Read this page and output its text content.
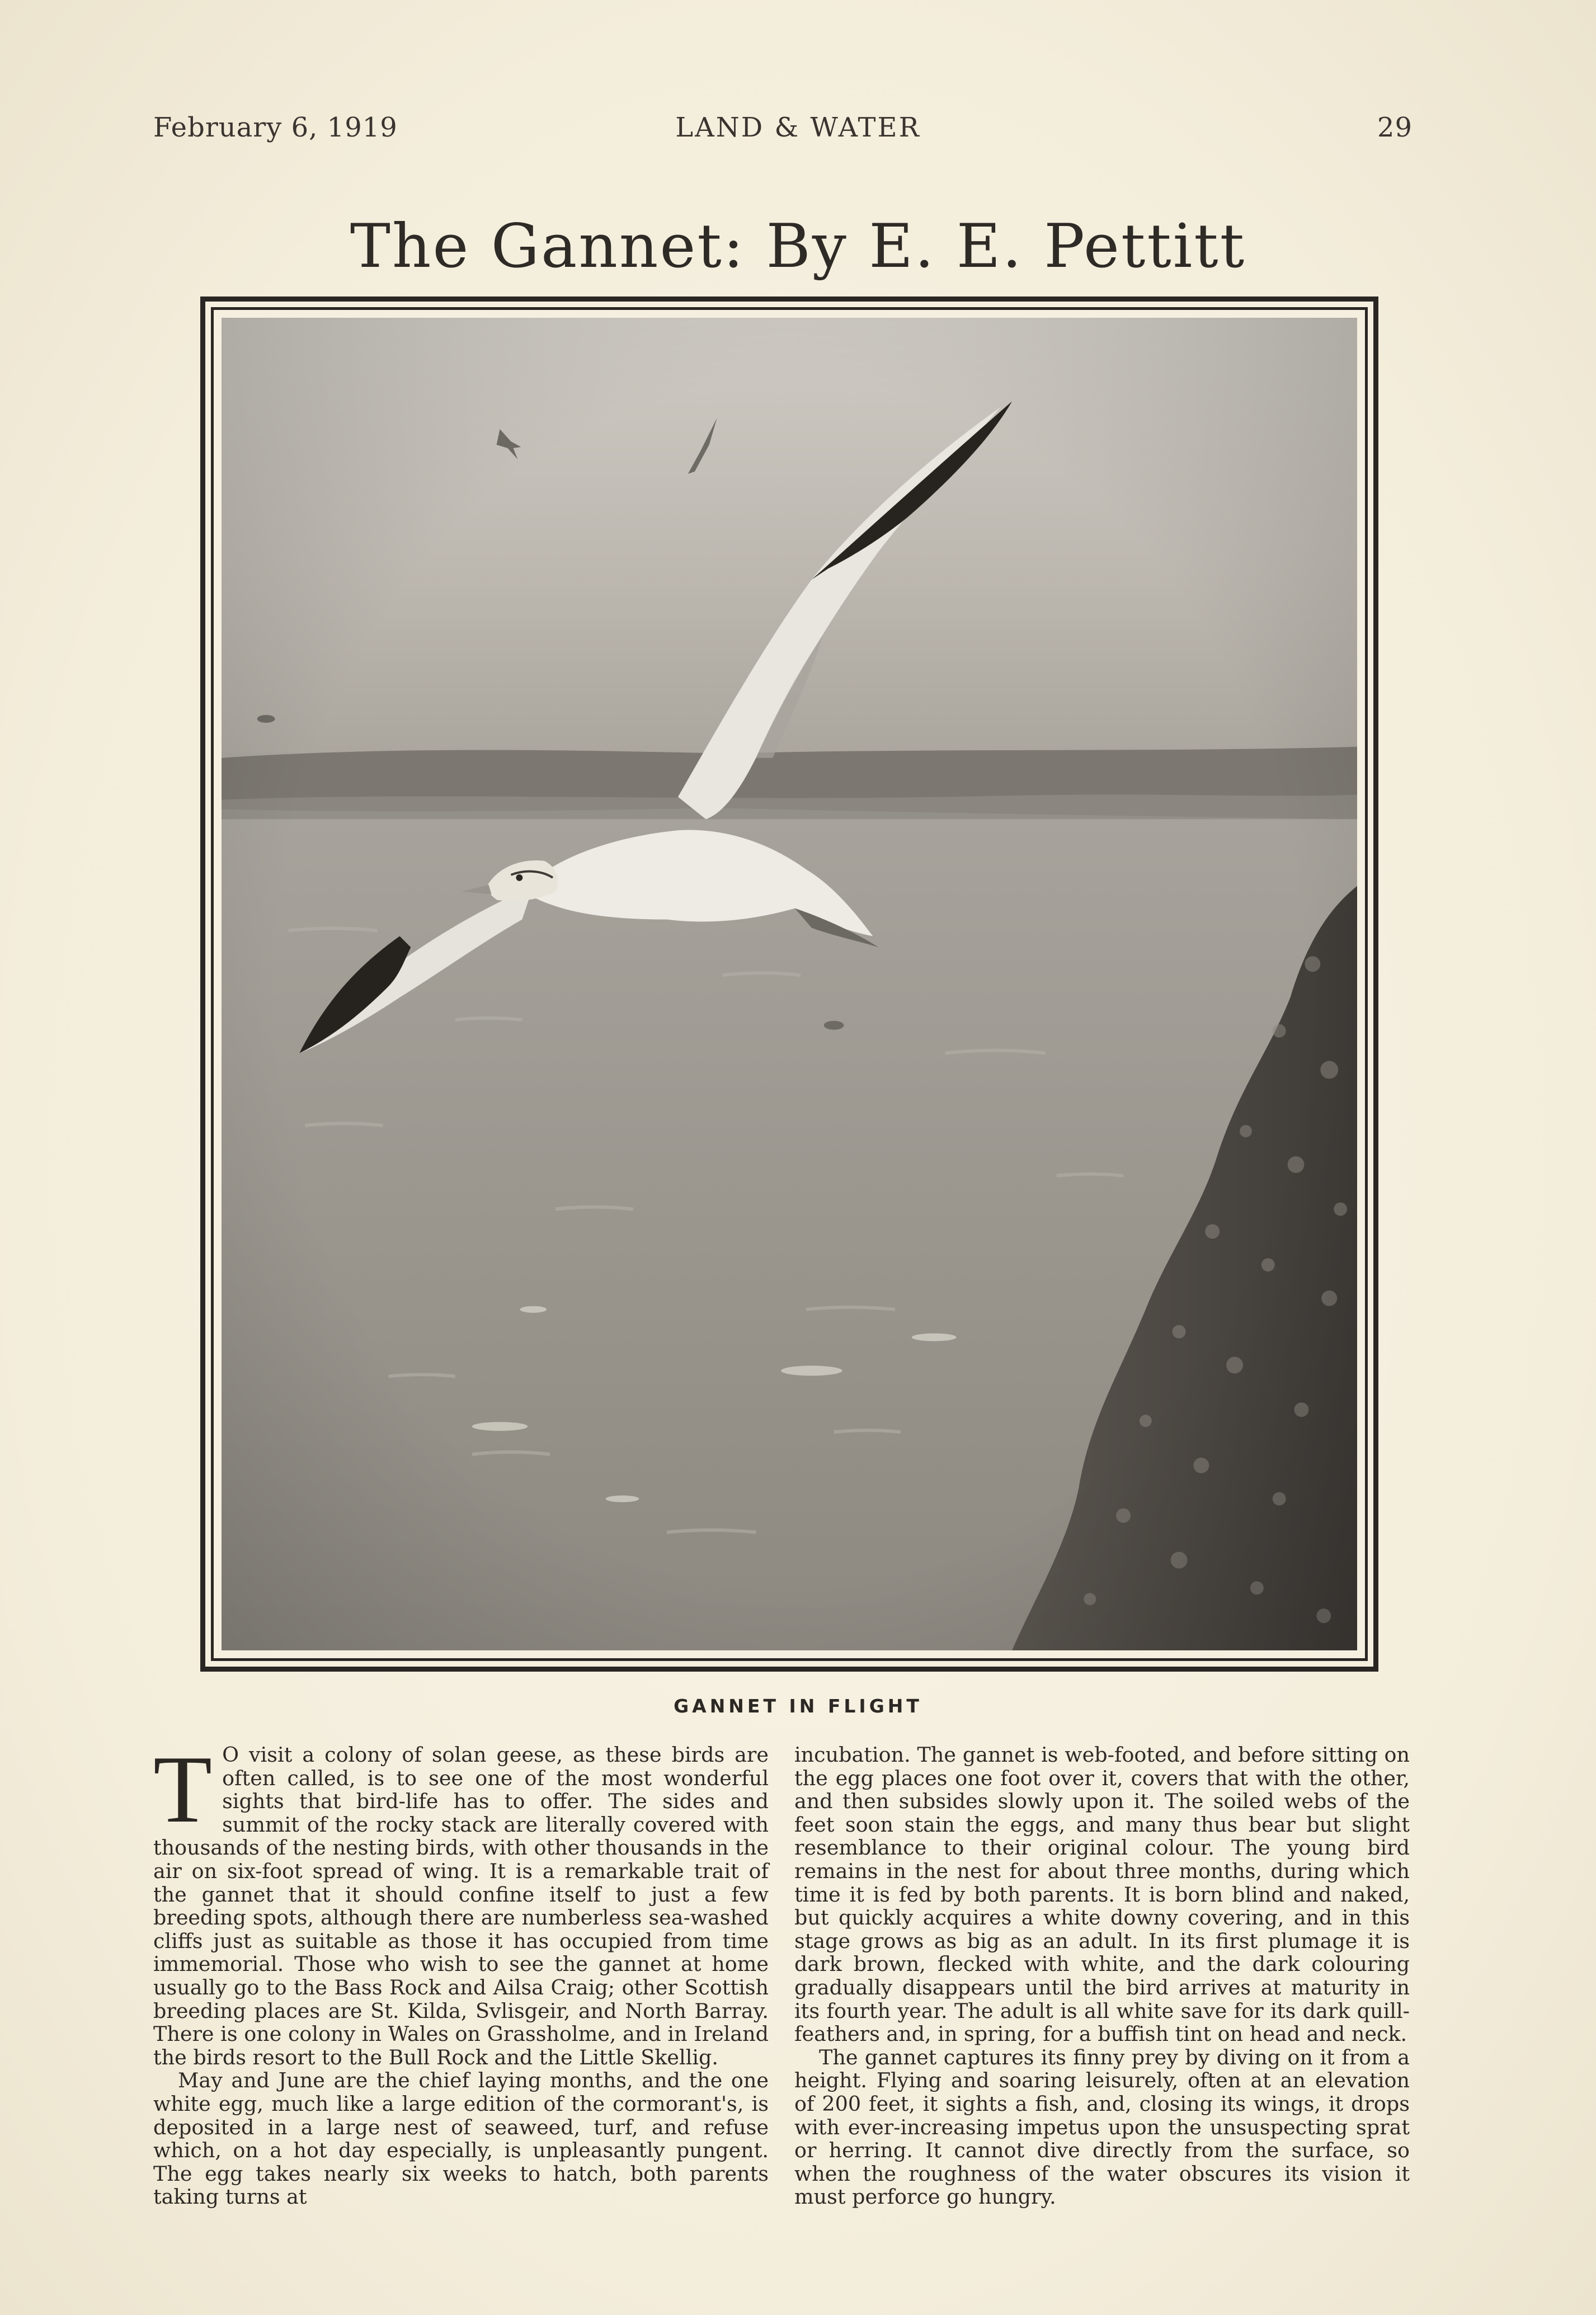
February 6, 1919	LAND & WATER	29
The Gannet: By E. E. Pettitt
GANNET IN FLIGHT

T O visit a colony of solan geese, as these birds are often called, is to see one of the most wonderful sights that bird-life has to offer. The sides and summit of the rocky stack are literally covered with thousands of the nesting birds, with other thousands in the air on six-foot spread of wing. It is a remarkable trait of the gannet that it should confine itself to just a few breeding spots, although there are numberless sea-washed cliffs just as suitable as those it has occupied from time immemorial. Those who wish to see the gannet at home usually go to the Bass Rock and Ailsa Craig; other Scottish breeding places are St. Kilda, Svlisgeir, and North Barray. There is one colony in Wales on Grassholme, and in Ireland the birds resort to the Bull Rock and the Little Skellig.

May and June are the chief laying months, and the one white egg, much like a large edition of the cormorant's, is deposited in a large nest of seaweed, turf, and refuse which, on a hot day especially, is unpleasantly pungent. The egg takes nearly six weeks to hatch, both parents taking turns at

incubation. The gannet is web-footed, and before sitting on the egg places one foot over it, covers that with the other, and then subsides slowly upon it. The soiled webs of the feet soon stain the eggs, and many thus bear but slight resemblance to their original colour. The young bird remains in the nest for about three months, during which time it is fed by both parents. It is born blind and naked, but quickly acquires a white downy covering, and in this stage grows as big as an adult. In its first plumage it is dark brown, flecked with white, and the dark colouring gradually disappears until the bird arrives at maturity in its fourth year. The adult is all white save for its dark quill-feathers and, in spring, for a buffish tint on head and neck.

The gannet captures its finny prey by diving on it from a height. Flying and soaring leisurely, often at an elevation of 200 feet, it sights a fish, and, closing its wings, it drops with ever-increasing impetus upon the unsuspecting sprat or herring. It cannot dive directly from the surface, so when the roughness of the water obscures its vision it must perforce go hungry.
